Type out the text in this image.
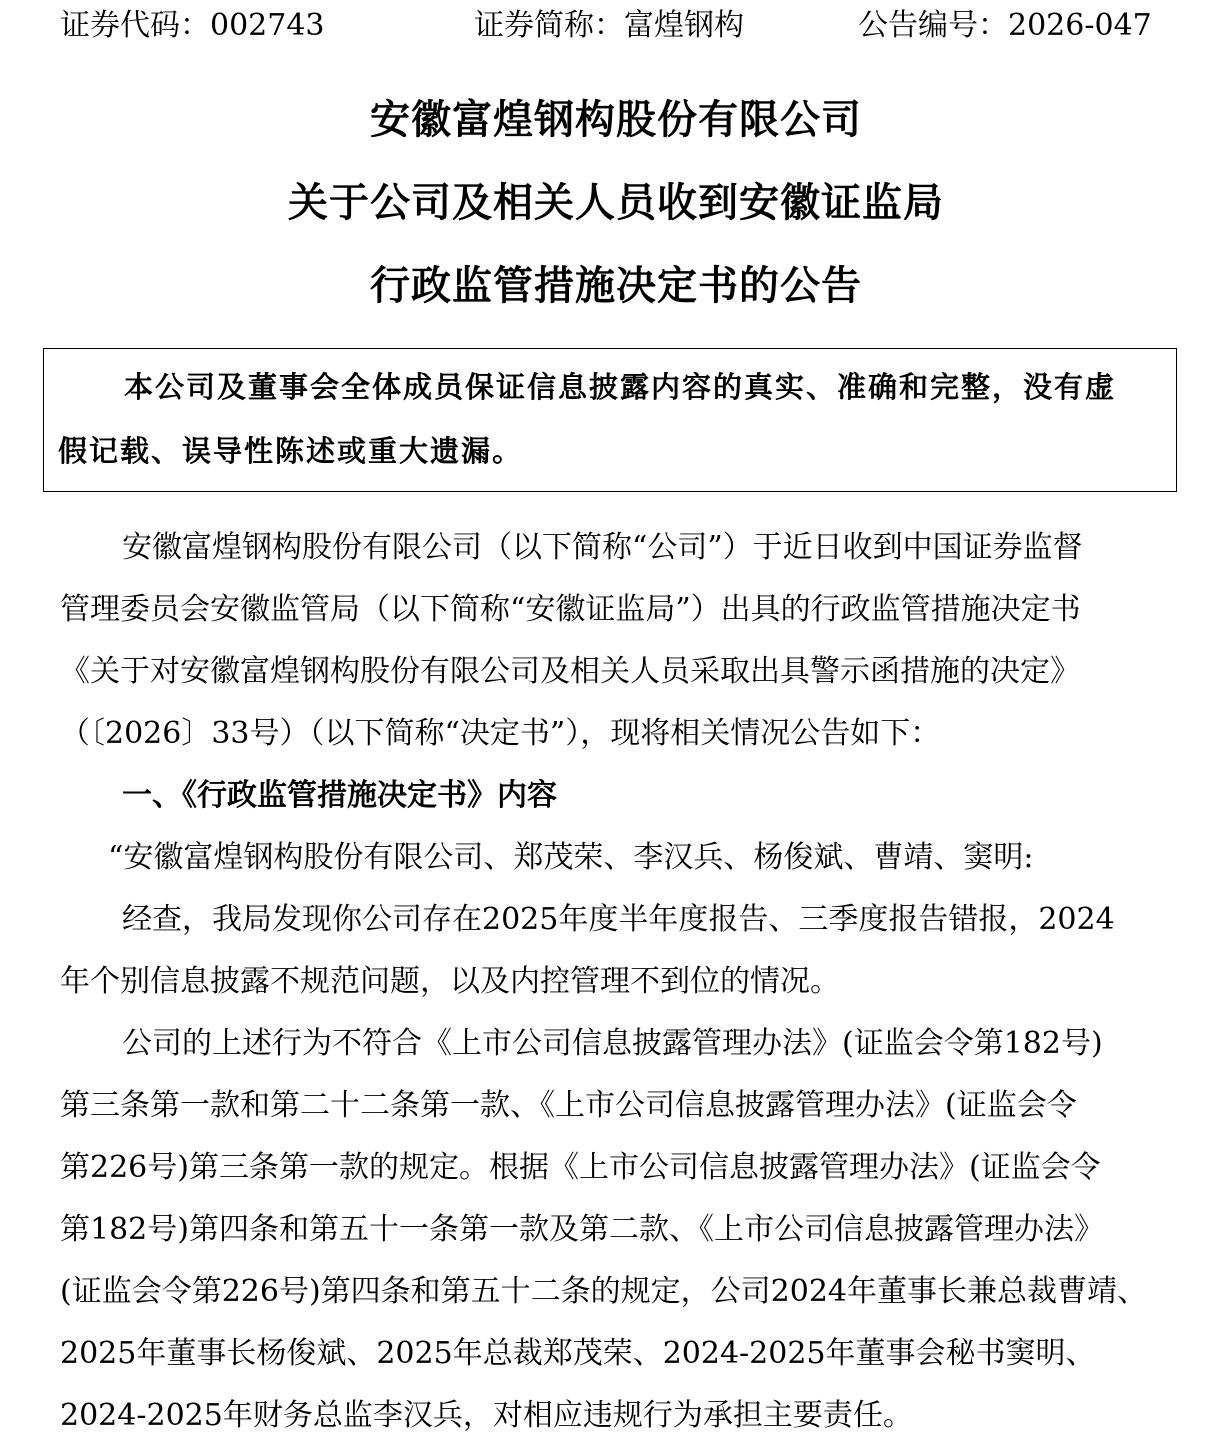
证券代码：002743	证券简称：富煌钢构	公告编号：2026-047
安徽富煌钢构股份有限公司
关于公司及相关人员收到安徽证监局
行政监管措施决定书的公告
本公司及董事会全体成员保证信息披露内容的真实、准确和完整，没有虚
假记载、误导性陈述或重大遗漏。
安徽富煌钢构股份有限公司（以下简称“公司”）于近日收到中国证券监督
管理委员会安徽监管局（以下简称“安徽证监局”）出具的行政监管措施决定书
《关于对安徽富煌钢构股份有限公司及相关人员采取出具警示函措施的决定》
（〔2026〕33号）（以下简称“决定书”），现将相关情况公告如下：
一、《行政监管措施决定书》内容
“安徽富煌钢构股份有限公司、郑茂荣、李汉兵、杨俊斌、曹靖、窦明:
经查，我局发现你公司存在2025年度半年度报告、三季度报告错报，2024
年个别信息披露不规范问题，以及内控管理不到位的情况。
公司的上述行为不符合《上市公司信息披露管理办法》(证监会令第182号)
第三条第一款和第二十二条第一款、《上市公司信息披露管理办法》(证监会令
第226号)第三条第一款的规定。根据《上市公司信息披露管理办法》(证监会令
第182号)第四条和第五十一条第一款及第二款、《上市公司信息披露管理办法》
(证监会令第226号)第四条和第五十二条的规定，公司2024年董事长兼总裁曹靖、
2025年董事长杨俊斌、2025年总裁郑茂荣、2024-2025年董事会秘书窦明、
2024-2025年财务总监李汉兵，对相应违规行为承担主要责任。
